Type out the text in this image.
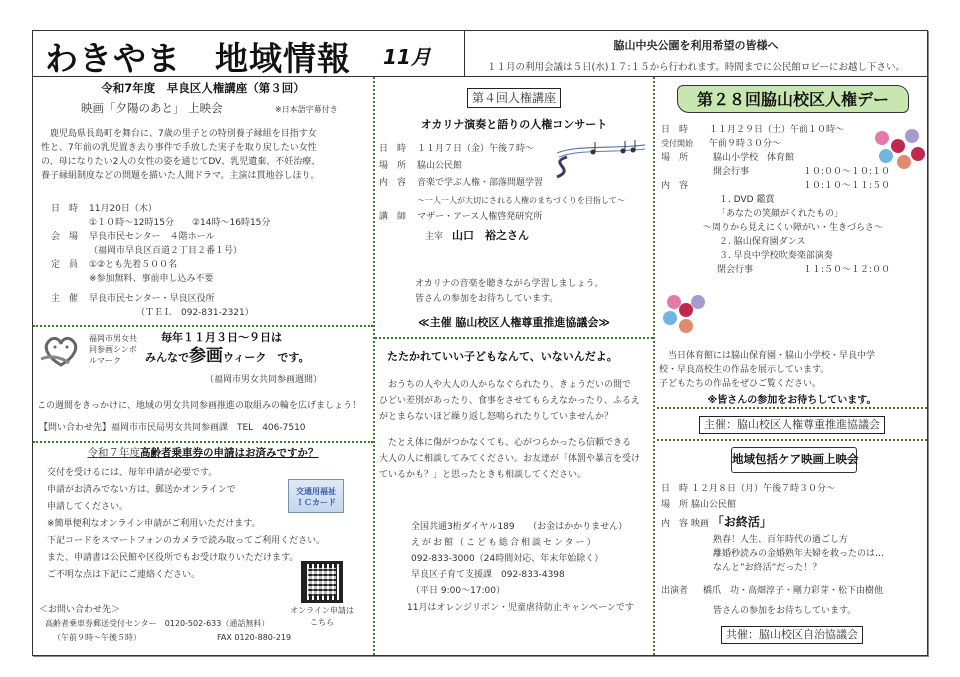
わきやま　地域情報 11月	脇山中央公園を利用希望の皆様へ
１１月の利用会議は５日(水)１７:１５から行われます。時間までに公民館ロビーにお越し下さい。
令和7年度　早良区人権講座（第３回）
映画「夕陽のあと」 上映会	※日本語字幕付き
　鹿児島県長島町を舞台に、7歳の里子との特別養子縁組を目指す女
性と、7年前の乳児置き去り事件で手放した実子を取り戻したい女性
の、母になりたい2人の女性の姿を通じてDV、乳児遺棄、不妊治療、
養子縁組制度などの問題を描いた人間ドラマ。主演は貫地谷しほり。
日　時 11月20日（木）
①１０時～12時15分　　②14時～16時15分
会　場 早良市民センター　４階ホール
（福岡市早良区百道２丁目２番１号）
定　員 ①②とも先着５００名
※参加無料、事前申し込み不要
主　催 早良市民センター・早良区役所
（ＴＥＬ　092-831-2321）
福岡市男女共
同参画シンボ
ルマーク
毎年１１月３日～９日は
みんなで参画ウィーク　です。
（福岡市男女共同参画週間）
この週間をきっかけに、地域の男女共同参画推進の取組みの輪を広げましょう！
【問い合わせ先】福岡市市民局男女共同参画課　TEL　406-7510
令和７年度高齢者乗車券の申請はお済みですか？
交付を受けるには、毎年申請が必要です。
申請がお済みでない方は、郵送かオンラインで
申請してください。
※簡単便利なオンライン申請がご利用いただけます。
下記コードをスマートフォンのカメラで読み取ってご利用ください。
また、申請書は公民館や区役所でもお受け取りいただけます。
ご不明な点は下記にご連絡ください。
交通用福祉
ＩＣカード
オンライン申請は
こちら
＜お問い合わせ先＞
高齢者乗車券郵送受付センター　 0120-502-633（通話無料）
（午前９時～午後５時）	FAX 0120-880-219
第４回人権講座
オカリナ演奏と語りの人権コンサート
日　時 １１月７日（金）午後７時～
場　所 脇山公民館
内　容 音楽で学ぶ人権・部落問題学習
～一人一人が大切にされる人権のまちづくりを目指して～
講　師 マザー・アース人権啓発研究所
主宰　 山口　裕之さん
オカリナの音楽を聴きながら学習しましょう。
皆さんの参加をお待ちしています。
≪主催 脇山校区人権尊重推進協議会≫
たたかれていい子どもなんて、いないんだよ。
　おうちの人や大人の人からなぐられたり、きょうだいの間で
ひどい差別があったり、食事をさせてもらえなかったり、ふるえ
がとまらないほど繰り返し怒鳴られたりしていませんか？
　たとえ体に傷がつかなくても、心がつらかったら信頼できる
大人の人に相談してみてください。お友達が「体罰や暴言を受け
ているかも？」と思ったときも相談してください。
全国共通3桁ダイヤル189　　（お金はかかりません）
えがお館（こども総合相談センター）
092-833-3000（24時間対応、年末年始除く）
早良区子育て支援課　092-833-4398
（平日 9:00～17:00）
11月はオレンジリボン・児童虐待防止キャンペーンです
第２８回脇山校区人権デー
日　時 １１月２９日（土）午前１０時～
受付開始 午前９時３０分～
場　所	脇山小学校　体育館
開会行事	１０:００～１０:１０
内　容	１０:１０～１１:５０
１. DVD 鑑賞
「あなたの笑顔がくれたもの」
～周りから見えにくい障がい・生きづらさ～
２. 脇山保育園ダンス
３. 早良中学校吹奏楽部演奏
閉会行事	１１:５０～１２:００
　当日体育館には脇山保育園・脇山小学校・早良中学
校・早良高校生の作品を展示しています。
子どもたちの作品をぜひご覧ください。
※皆さんの参加をお待ちしています。
主催：脇山校区人権尊重推進協議会
地域包括ケア映画上映会
日　時 １２月８日（月）午後７時３０分～
場　所 脇山公民館
内　容 映画 「お終活」
熟春！人生、百年時代の過ごし方
離婚秒読みの金婚熟年夫婦を救ったのは…
なんと”お終活”だった！？
出演者 橋爪　功・高畑淳子・剛力彩芽・松下由樹他
皆さんの参加をお待ちしています。
共催：脇山校区自治協議会
